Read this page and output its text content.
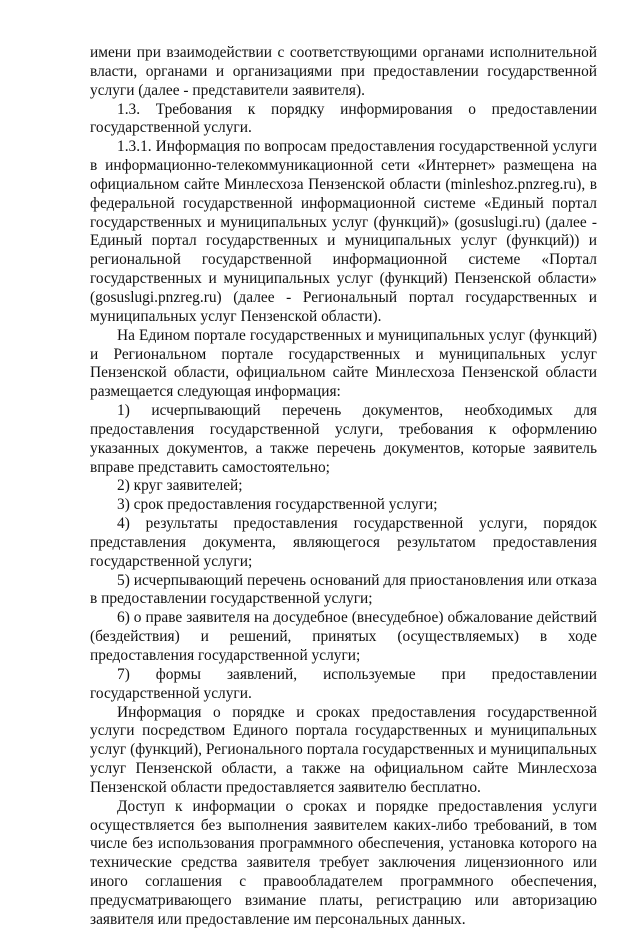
имени при взаимодействии с соответствующими органами исполнительной власти, органами и организациями при предоставлении государственной услуги (далее - представители заявителя).

1.3. Требования к порядку информирования о предоставлении государственной услуги.

1.3.1. Информация по вопросам предоставления государственной услуги в информационно-телекоммуникационной сети «Интернет» размещена на официальном сайте Минлесхоза Пензенской области (minleshoz.pnzreg.ru), в федеральной государственной информационной системе «Единый портал государственных и муниципальных услуг (функций)» (gosuslugi.ru) (далее - Единый портал государственных и муниципальных услуг (функций)) и региональной государственной информационной системе «Портал государственных и муниципальных услуг (функций) Пензенской области» (gosuslugi.pnzreg.ru) (далее - Региональный портал государственных и муниципальных услуг Пензенской области).

На Едином портале государственных и муниципальных услуг (функций) и Региональном портале государственных и муниципальных услуг Пензенской области, официальном сайте Минлесхоза Пензенской области размещается следующая информация:

1) исчерпывающий перечень документов, необходимых для предоставления государственной услуги, требования к оформлению указанных документов, а также перечень документов, которые заявитель вправе представить самостоятельно;

2) круг заявителей;

3) срок предоставления государственной услуги;

4) результаты предоставления государственной услуги, порядок представления документа, являющегося результатом предоставления государственной услуги;

5) исчерпывающий перечень оснований для приостановления или отказа в предоставлении государственной услуги;

6) о праве заявителя на досудебное (внесудебное) обжалование действий (бездействия) и решений, принятых (осуществляемых) в ходе предоставления государственной услуги;

7) формы заявлений, используемые при предоставлении государственной услуги.

Информация о порядке и сроках предоставления государственной услуги посредством Единого портала государственных и муниципальных услуг (функций), Регионального портала государственных и муниципальных услуг Пензенской области, а также на официальном сайте Минлесхоза Пензенской области предоставляется заявителю бесплатно.

Доступ к информации о сроках и порядке предоставления услуги осуществляется без выполнения заявителем каких-либо требований, в том числе без использования программного обеспечения, установка которого на технические средства заявителя требует заключения лицензионного или иного соглашения с правообладателем программного обеспечения, предусматривающего взимание платы, регистрацию или авторизацию заявителя или предоставление им персональных данных.
